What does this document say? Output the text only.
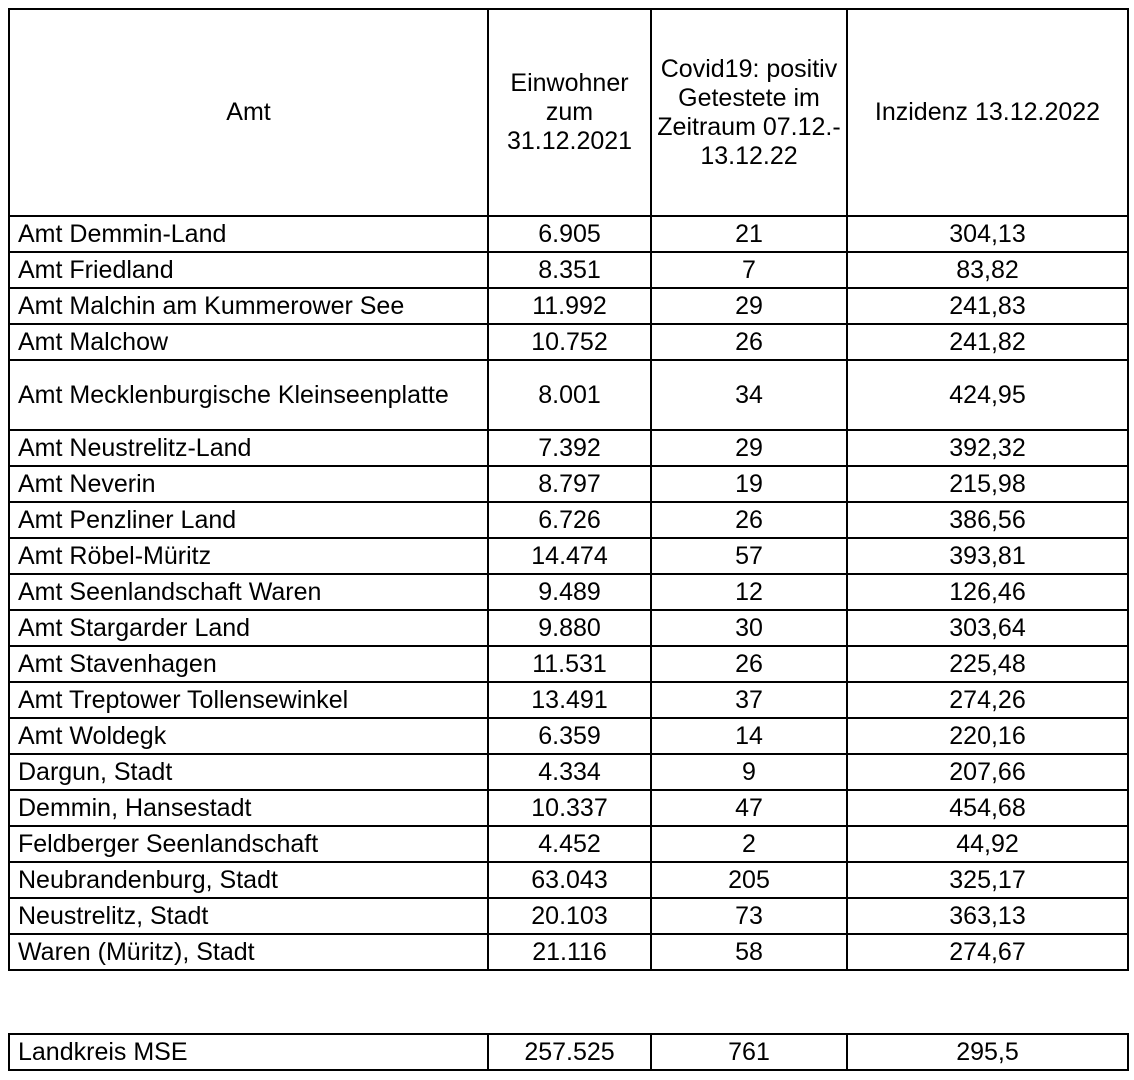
Amt	Einwohner zum 31.12.2021	Covid19: positiv Getestete im Zeitraum 07.12.- 13.12.22	Inzidenz 13.12.2022
Amt Demmin-Land	6.905	21	304,13
Amt Friedland	8.351	7	83,82
Amt Malchin am Kummerower See	11.992	29	241,83
Amt Malchow	10.752	26	241,82
Amt Mecklenburgische Kleinseenplatte	8.001	34	424,95
Amt Neustrelitz-Land	7.392	29	392,32
Amt Neverin	8.797	19	215,98
Amt Penzliner Land	6.726	26	386,56
Amt Röbel-Müritz	14.474	57	393,81
Amt Seenlandschaft Waren	9.489	12	126,46
Amt Stargarder Land	9.880	30	303,64
Amt Stavenhagen	11.531	26	225,48
Amt Treptower Tollensewinkel	13.491	37	274,26
Amt Woldegk	6.359	14	220,16
Dargun, Stadt	4.334	9	207,66
Demmin, Hansestadt	10.337	47	454,68
Feldberger Seenlandschaft	4.452	2	44,92
Neubrandenburg, Stadt	63.043	205	325,17
Neustrelitz, Stadt	20.103	73	363,13
Waren (Müritz), Stadt	21.116	58	274,67
Landkreis MSE	257.525	761	295,5
